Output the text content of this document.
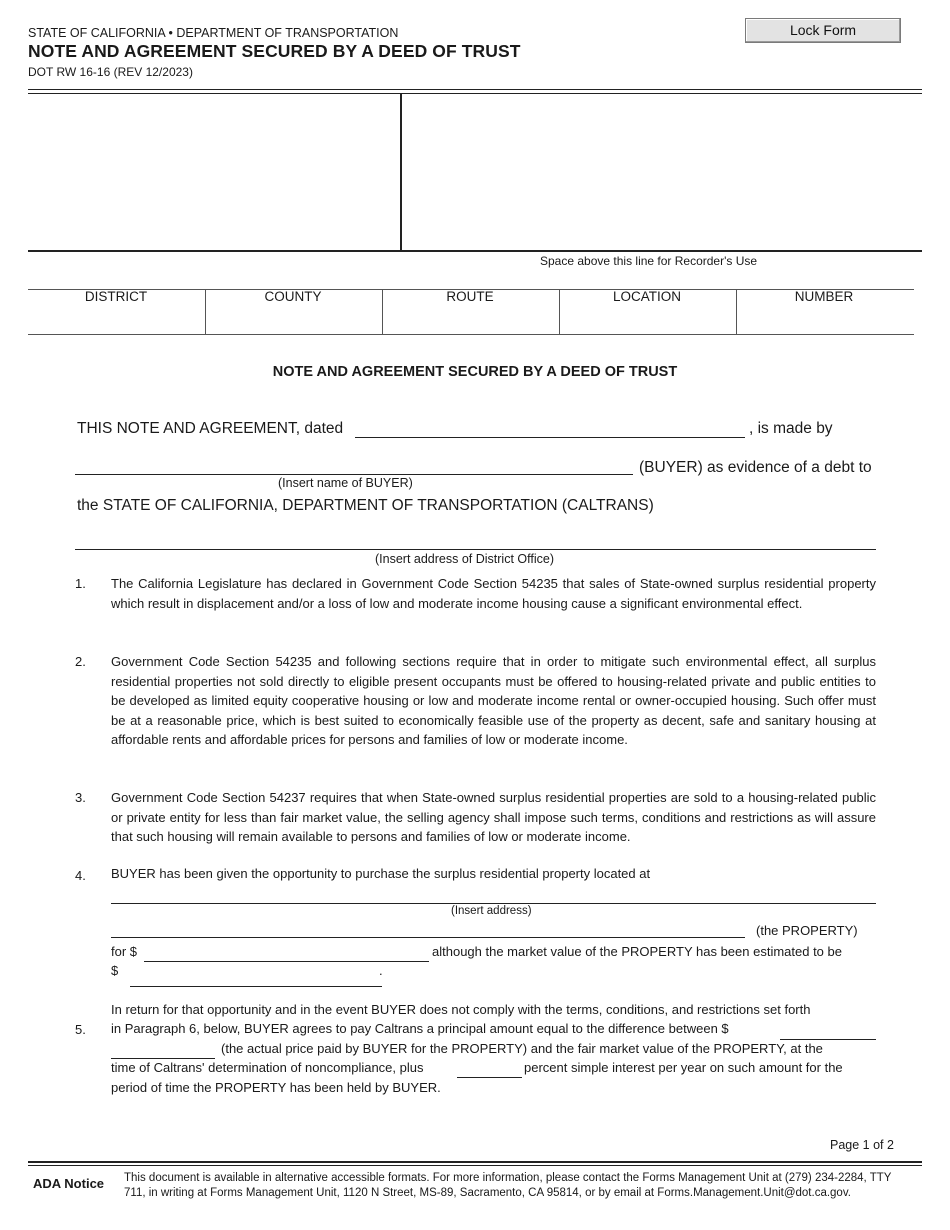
STATE OF CALIFORNIA • DEPARTMENT OF TRANSPORTATION
NOTE AND AGREEMENT SECURED BY A DEED OF TRUST
DOT RW 16-16 (REV 12/2023)
Lock Form
Space above this line for Recorder's Use
DISTRICT	COUNTY	ROUTE	LOCATION	NUMBER
NOTE AND AGREEMENT SECURED BY A DEED OF TRUST
THIS NOTE AND AGREEMENT, dated	, is made by
(BUYER) as evidence of a debt to
(Insert name of BUYER)
the STATE OF CALIFORNIA, DEPARTMENT OF TRANSPORTATION (CALTRANS)
(Insert address of District Office)
1. The California Legislature has declared in Government Code Section 54235 that sales of State-owned surplus residential property which result in displacement and/or a loss of low and moderate income housing cause a significant environmental effect.
2. Government Code Section 54235 and following sections require that in order to mitigate such environmental effect, all surplus residential properties not sold directly to eligible present occupants must be offered to housing-related private and public entities to be developed as limited equity cooperative housing or low and moderate income rental or owner-occupied housing. Such offer must be at a reasonable price, which is best suited to economically feasible use of the property as decent, safe and sanitary housing at affordable rents and affordable prices for persons and families of low or moderate income.
3. Government Code Section 54237 requires that when State-owned surplus residential properties are sold to a housing-related public or private entity for less than fair market value, the selling agency shall impose such terms, conditions and restrictions as will assure that such housing will remain available to persons and families of low or moderate income.
4. BUYER has been given the opportunity to purchase the surplus residential property located at
(Insert address)
(the PROPERTY)
for $	although the market value of the PROPERTY has been estimated to be
$	.
5.
In return for that opportunity and in the event BUYER does not comply with the terms, conditions, and restrictions set forth
in Paragraph 6, below, BUYER agrees to pay Caltrans a principal amount equal to the difference between $
(the actual price paid by BUYER for the PROPERTY) and the fair market value of the PROPERTY, at the
time of Caltrans' determination of noncompliance, plus	percent simple interest per year on such amount for the
period of time the PROPERTY has been held by BUYER.
Page 1 of 2
ADA Notice This document is available in alternative accessible formats. For more information, please contact the Forms Management Unit at (279) 234-2284, TTY 711, in writing at Forms Management Unit, 1120 N Street, MS-89, Sacramento, CA 95814, or by email at Forms.Management.Unit@dot.ca.gov.
